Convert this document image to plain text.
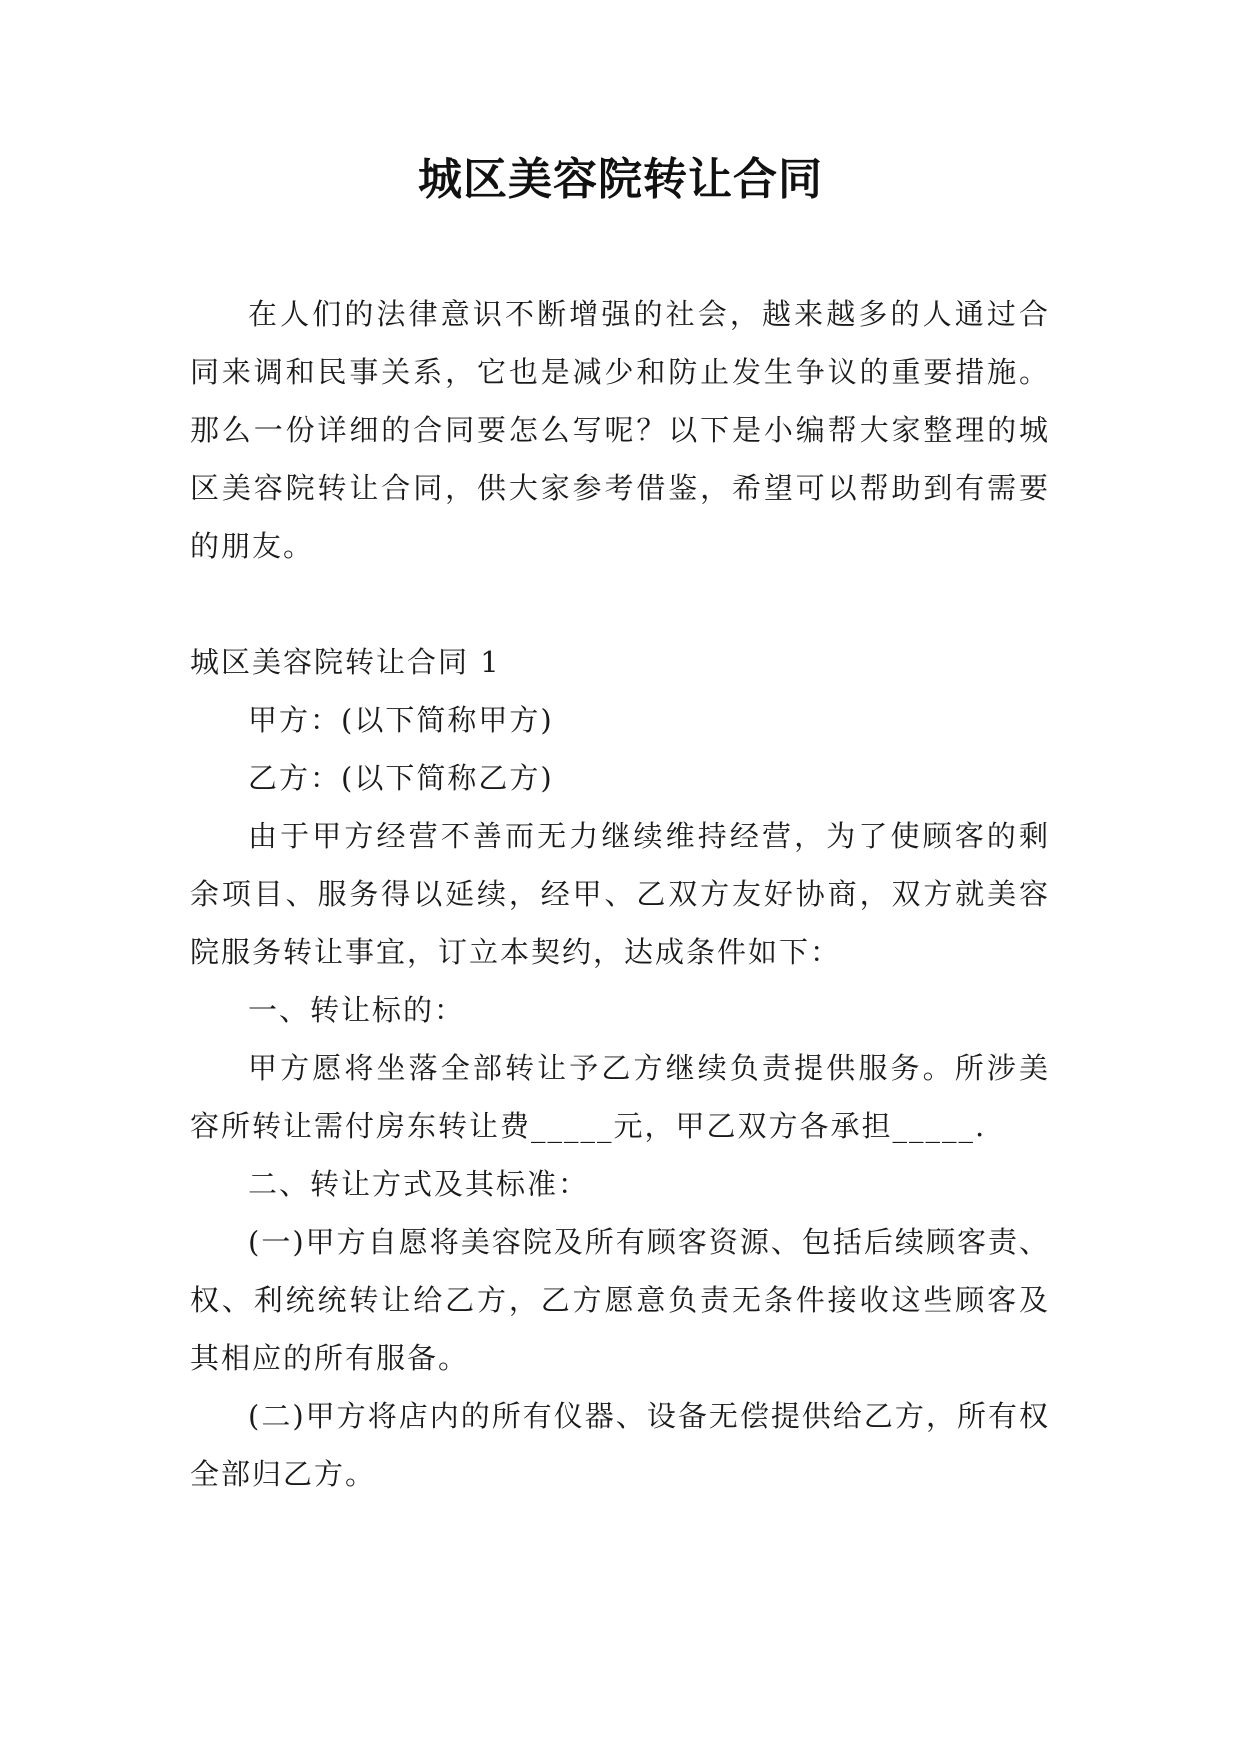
城区美容院转让合同

在人们的法律意识不断增强的社会，越来越多的人通过合同来调和民事关系，它也是减少和防止发生争议的重要措施。那么一份详细的合同要怎么写呢？以下是小编帮大家整理的城区美容院转让合同，供大家参考借鉴，希望可以帮助到有需要的朋友。

城区美容院转让合同 1

甲方：(以下简称甲方)

乙方：(以下简称乙方)

由于甲方经营不善而无力继续维持经营，为了使顾客的剩余项目、服务得以延续，经甲、乙双方友好协商，双方就美容院服务转让事宜，订立本契约，达成条件如下：

一、转让标的：

甲方愿将坐落全部转让予乙方继续负责提供服务。所涉美容所转让需付房东转让费_____元，甲乙双方各承担_____.

二、转让方式及其标准：

(一)甲方自愿将美容院及所有顾客资源、包括后续顾客责、权、利统统转让给乙方，乙方愿意负责无条件接收这些顾客及其相应的所有服备。

(二)甲方将店内的所有仪器、设备无偿提供给乙方，所有权全部归乙方。
